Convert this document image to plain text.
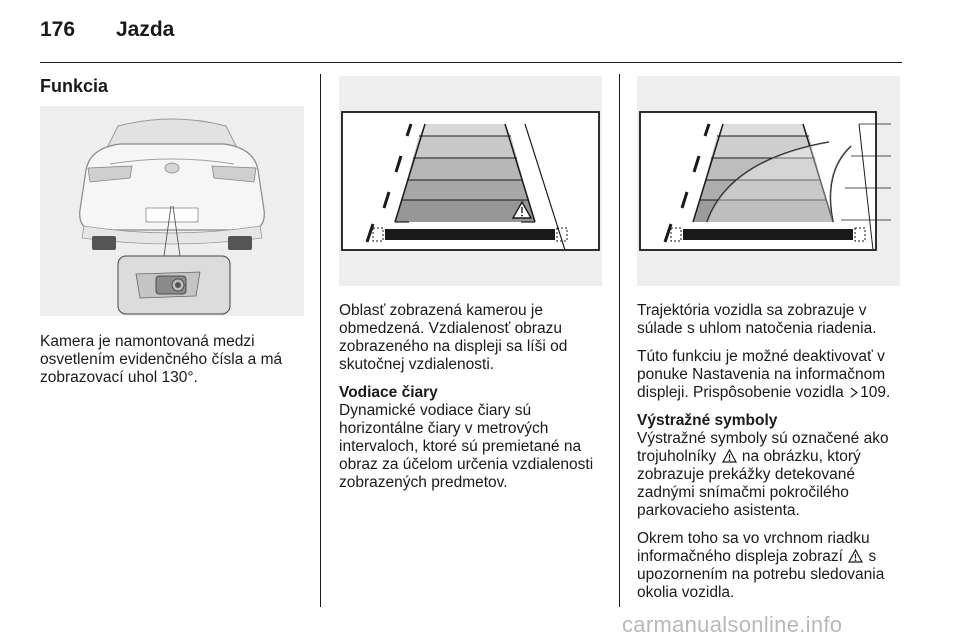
176 Jazda
Funkcia

Kamera je namontovaná medzi osvetlením evidenčného čísla a má zobrazovací uhol 130°.

Oblasť zobrazená kamerou je obmedzená. Vzdialenosť obrazu zobrazeného na displeji sa líši od skutočnej vzdialenosti.

Vodiace čiary
Dynamické vodiace čiary sú horizontálne čiary v metrových intervaloch, ktoré sú premietané na obraz za účelom určenia vzdialenosti zobrazených predmetov.

Trajektória vozidla sa zobrazuje v súlade s uhlom natočenia riadenia.

Túto funkciu je možné deaktivovať v ponuke Nastavenia na informačnom displeji. Prispôsobenie vozidla 109.

Výstražné symboly
Výstražné symboly sú označené ako trojuholníky na obrázku, ktorý zobrazuje prekážky detekované zadnými snímačmi pokročilého parkovacieho asistenta.

Okrem toho sa vo vrchnom riadku informačného displeja zobrazí s upozornením na potrebu sledovania okolia vozidla.

carmanualsonline.info
